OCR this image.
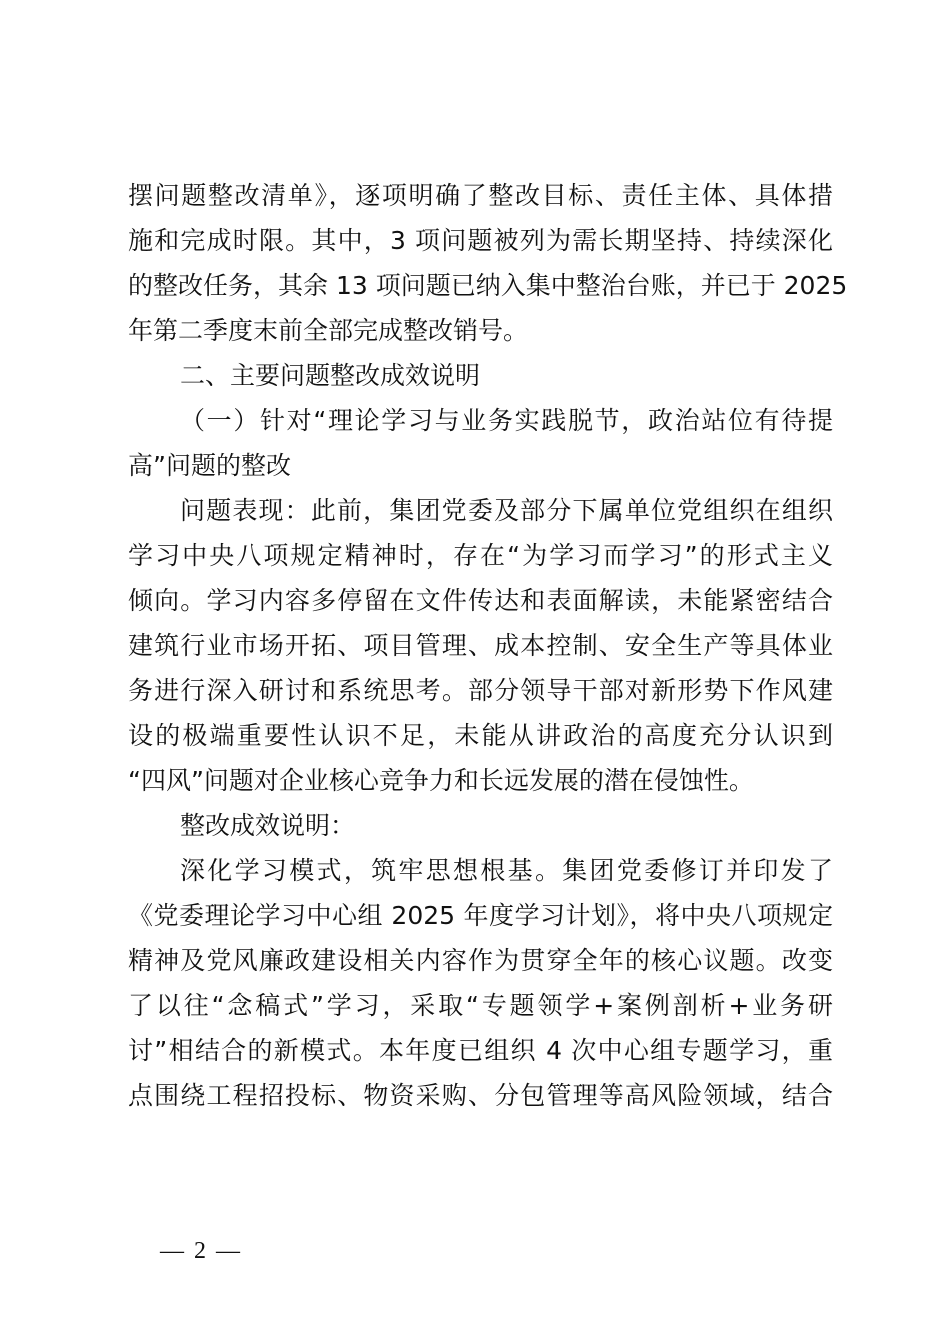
摆问题整改清单》，逐项明确了整改目标、责任主体、具体措
施和完成时限。其中，3 项问题被列为需长期坚持、持续深化
的整改任务，其余 13 项问题已纳入集中整治台账，并已于 2025
年第二季度末前全部完成整改销号。
二、主要问题整改成效说明
（一）针对“理论学习与业务实践脱节，政治站位有待提
高”问题的整改
问题表现：此前，集团党委及部分下属单位党组织在组织
学习中央八项规定精神时，存在“为学习而学习”的形式主义
倾向。学习内容多停留在文件传达和表面解读，未能紧密结合
建筑行业市场开拓、项目管理、成本控制、安全生产等具体业
务进行深入研讨和系统思考。部分领导干部对新形势下作风建
设的极端重要性认识不足，未能从讲政治的高度充分认识到
“四风”问题对企业核心竞争力和长远发展的潜在侵蚀性。
整改成效说明：
深化学习模式，筑牢思想根基。集团党委修订并印发了
《党委理论学习中心组 2025 年度学习计划》，将中央八项规定
精神及党风廉政建设相关内容作为贯穿全年的核心议题。改变
了以往“念稿式”学习，采取“专题领学+案例剖析+业务研
讨”相结合的新模式。本年度已组织 4 次中心组专题学习，重
点围绕工程招投标、物资采购、分包管理等高风险领域，结合
— 2 —
